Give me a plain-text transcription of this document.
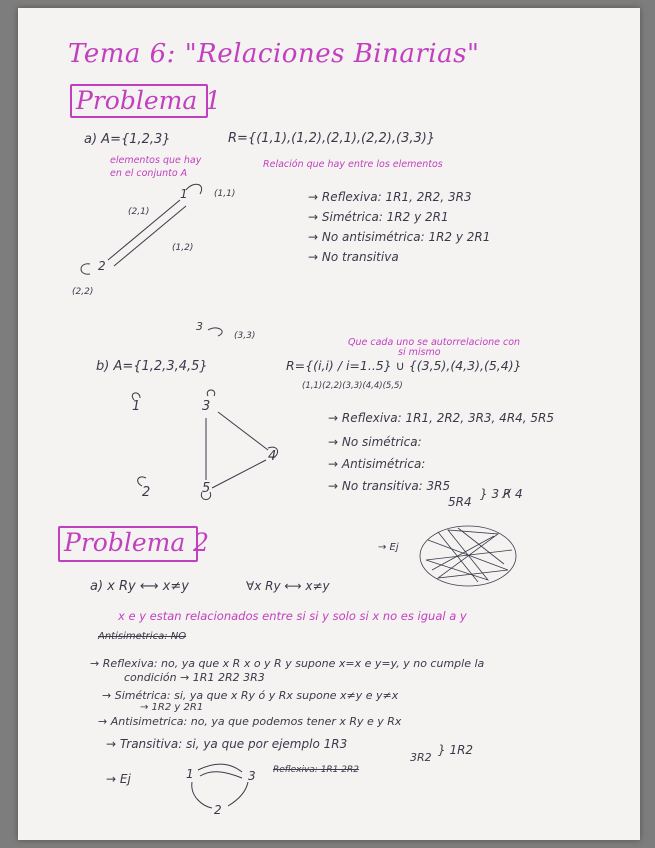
Tema 6: "Relaciones Binarias"
Problema 1
a) A={1,2,3}	R={(1,1),(1,2),(2,1),(2,2),(3,3)}
elementos que hay
en el conjunto A
Relación que hay entre los elementos
1
2
3
(1,1)
(2,2)
(3,3)
(2,1)
(1,2)
→ Reflexiva: 1R1, 2R2, 3R3
→ Simétrica: 1R2 y 2R1
→ No antisimétrica: 1R2 y 2R1
→ No transitiva
Que cada uno se autorrelacione con
si mismo
b) A={1,2,3,4,5}	R={(i,i) / i=1..5} ∪ {(3,5),(4,3),(5,4)}
(1,1)(2,2)(3,3)(4,4)(5,5)
1	3
4
5
2
→ Reflexiva: 1R1, 2R2, 3R3, 4R4, 5R5
→ No simétrica:
→ Antisimétrica:
→ No transitiva: 3R5
5R4
} 3 R̸ 4
Problema 2	→ Ej
a) x Ry ⟷ x≠y	∀x Ry ⟷ x≠y
x e y estan relacionados entre si si y solo si x no es igual a y
Antisimetrica: NO
→ Reflexiva: no, ya que x R x o y R y supone x=x e y=y, y no cumple la
condición → 1R1 2R2 3R3
→ Simétrica: si, ya que x Ry ó y Rx supone x≠y e y≠x
→ 1R2 y 2R1
→ Antisimetrica: no, ya que podemos tener x Ry e y Rx
→ Transitiva: si, ya que por ejemplo 1R3
3R2
} 1R2
→ Ej
Reflexiva: 1R1 2R2
1	3
2
